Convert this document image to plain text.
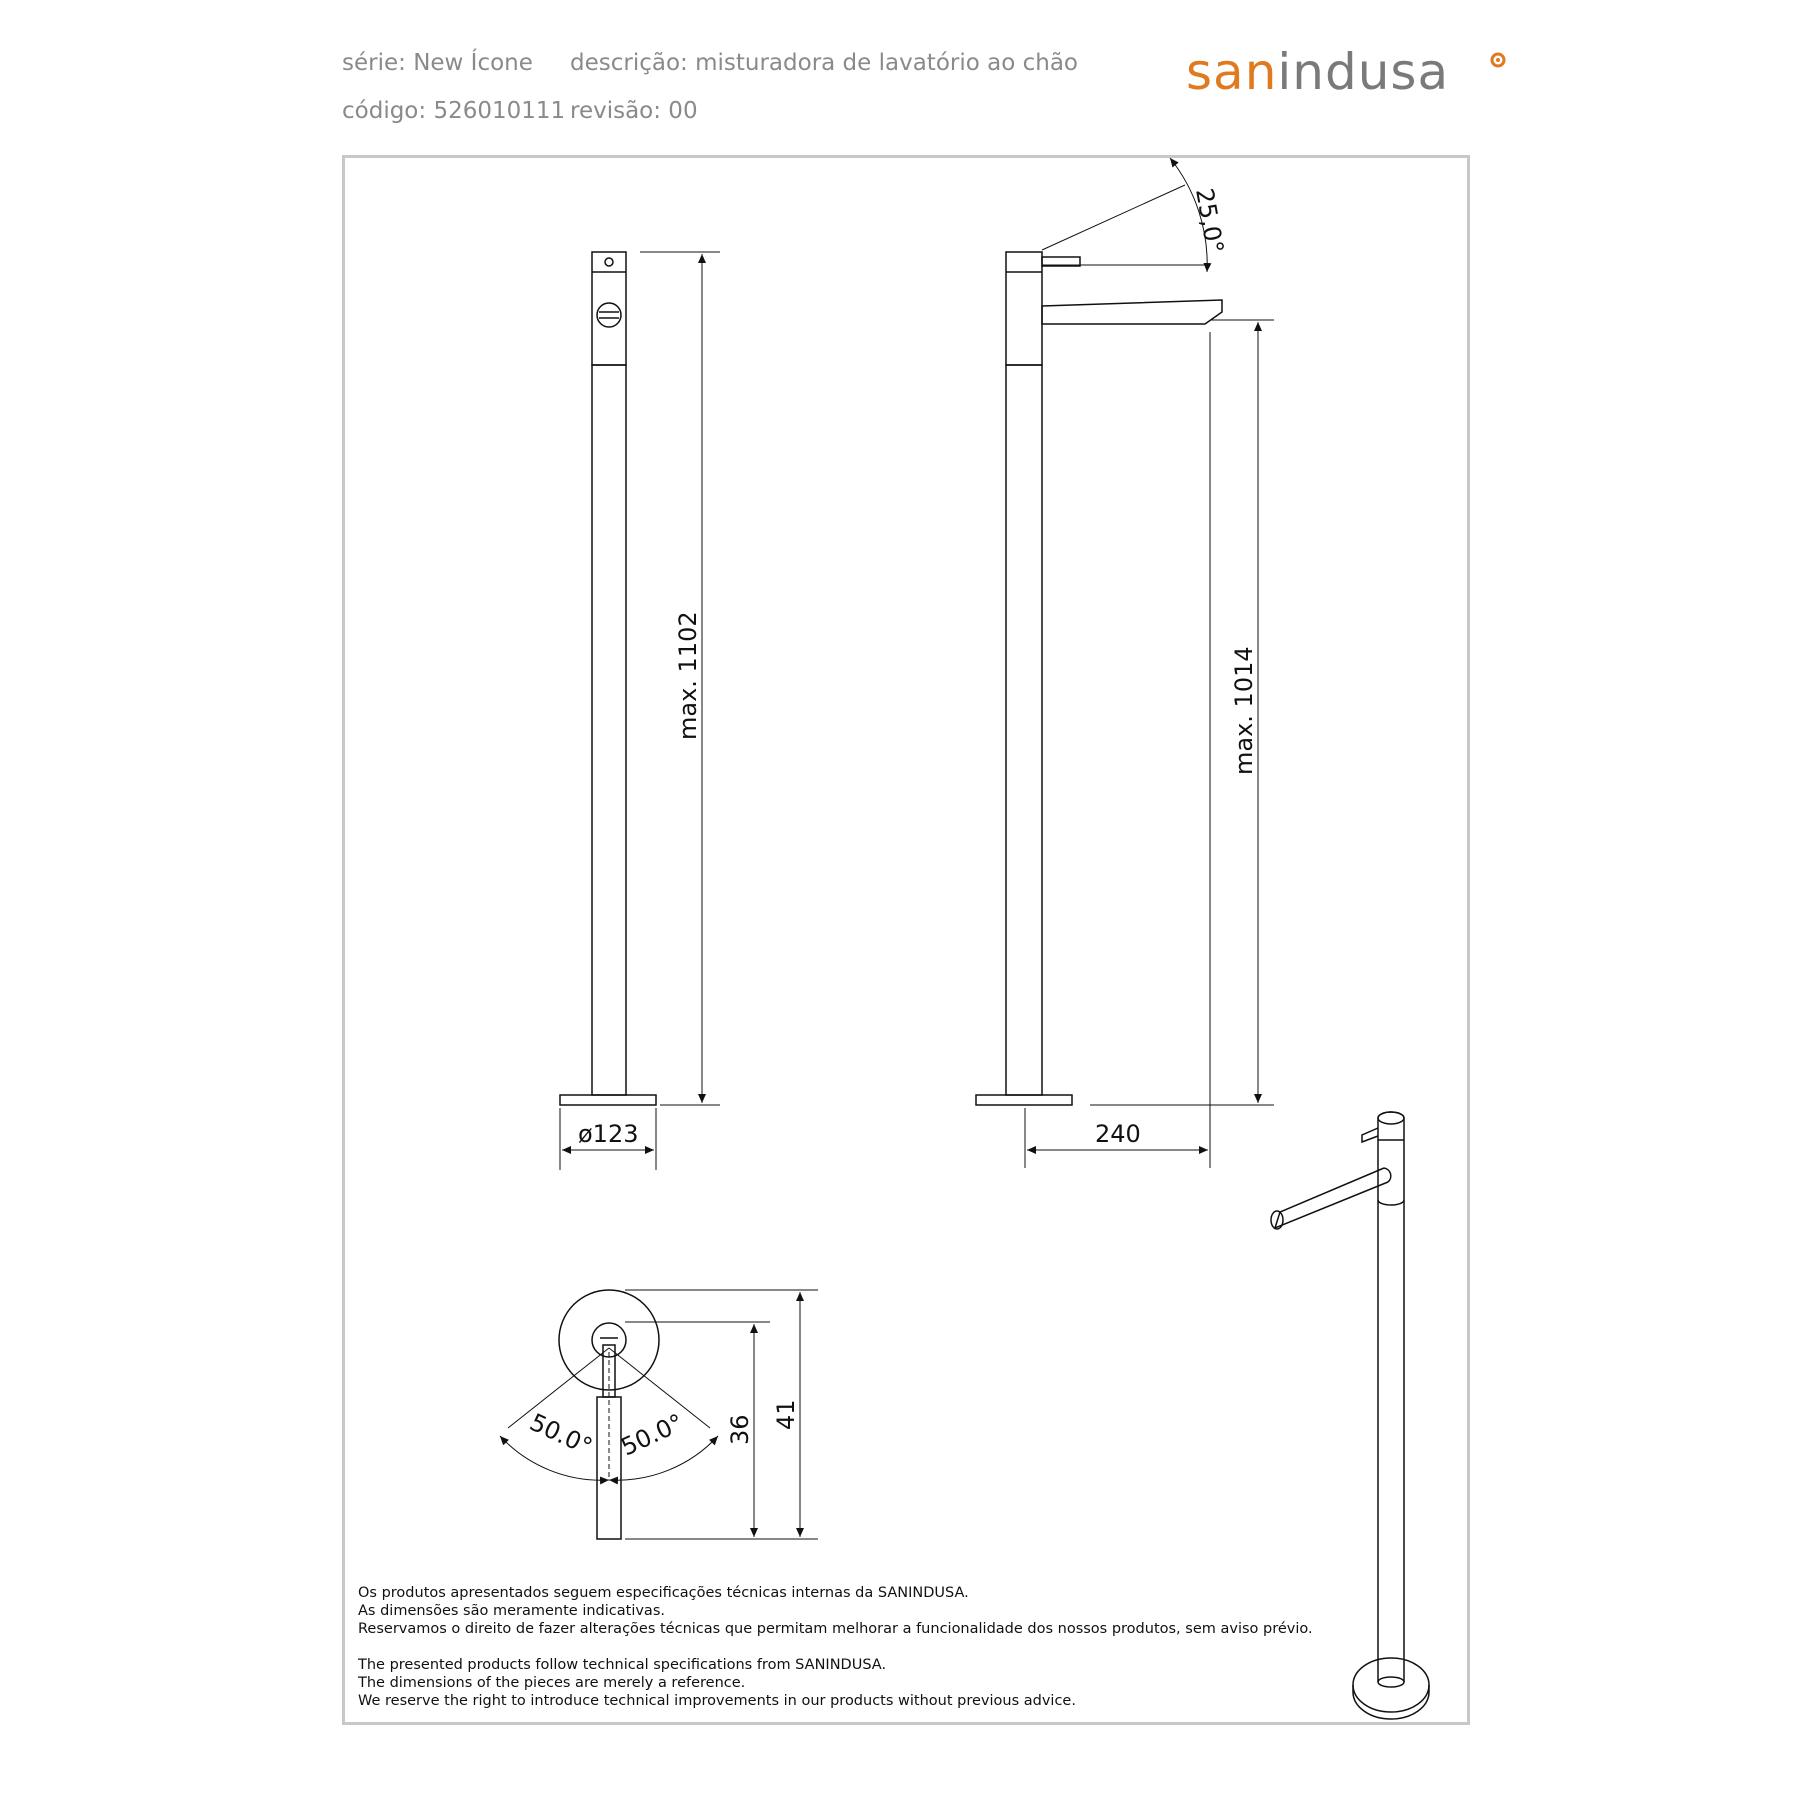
série: New Ícone descrição: misturadora de lavatório ao chão
código: 526010111 revisão: 00
sanindusa
max. 1102
ø123
25,0°
max. 1014
240
50.0° 50.0° 36 41
Os produtos apresentados seguem especificações técnicas internas da SANINDUSA.
As dimensões são meramente indicativas.
Reservamos o direito de fazer alterações técnicas que permitam melhorar a funcionalidade dos nossos produtos, sem aviso prévio.
The presented products follow technical specifications from SANINDUSA.
The dimensions of the pieces are merely a reference.
We reserve the right to introduce technical improvements in our products without previous advice.
